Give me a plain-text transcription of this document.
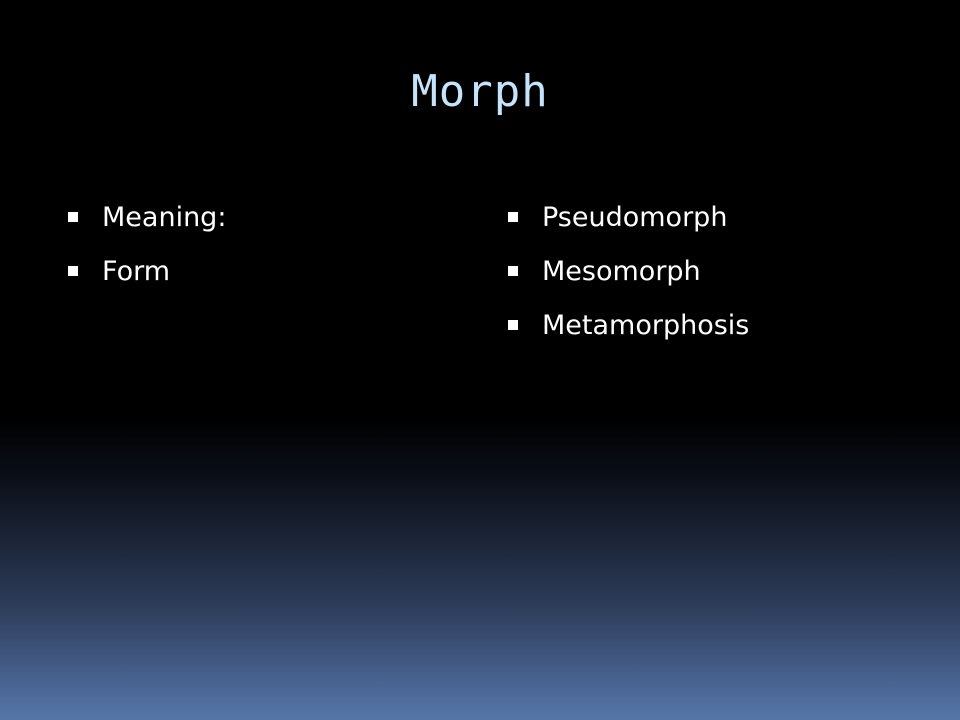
Morph
Meaning:
Form
Pseudomorph
Mesomorph
Metamorphosis
